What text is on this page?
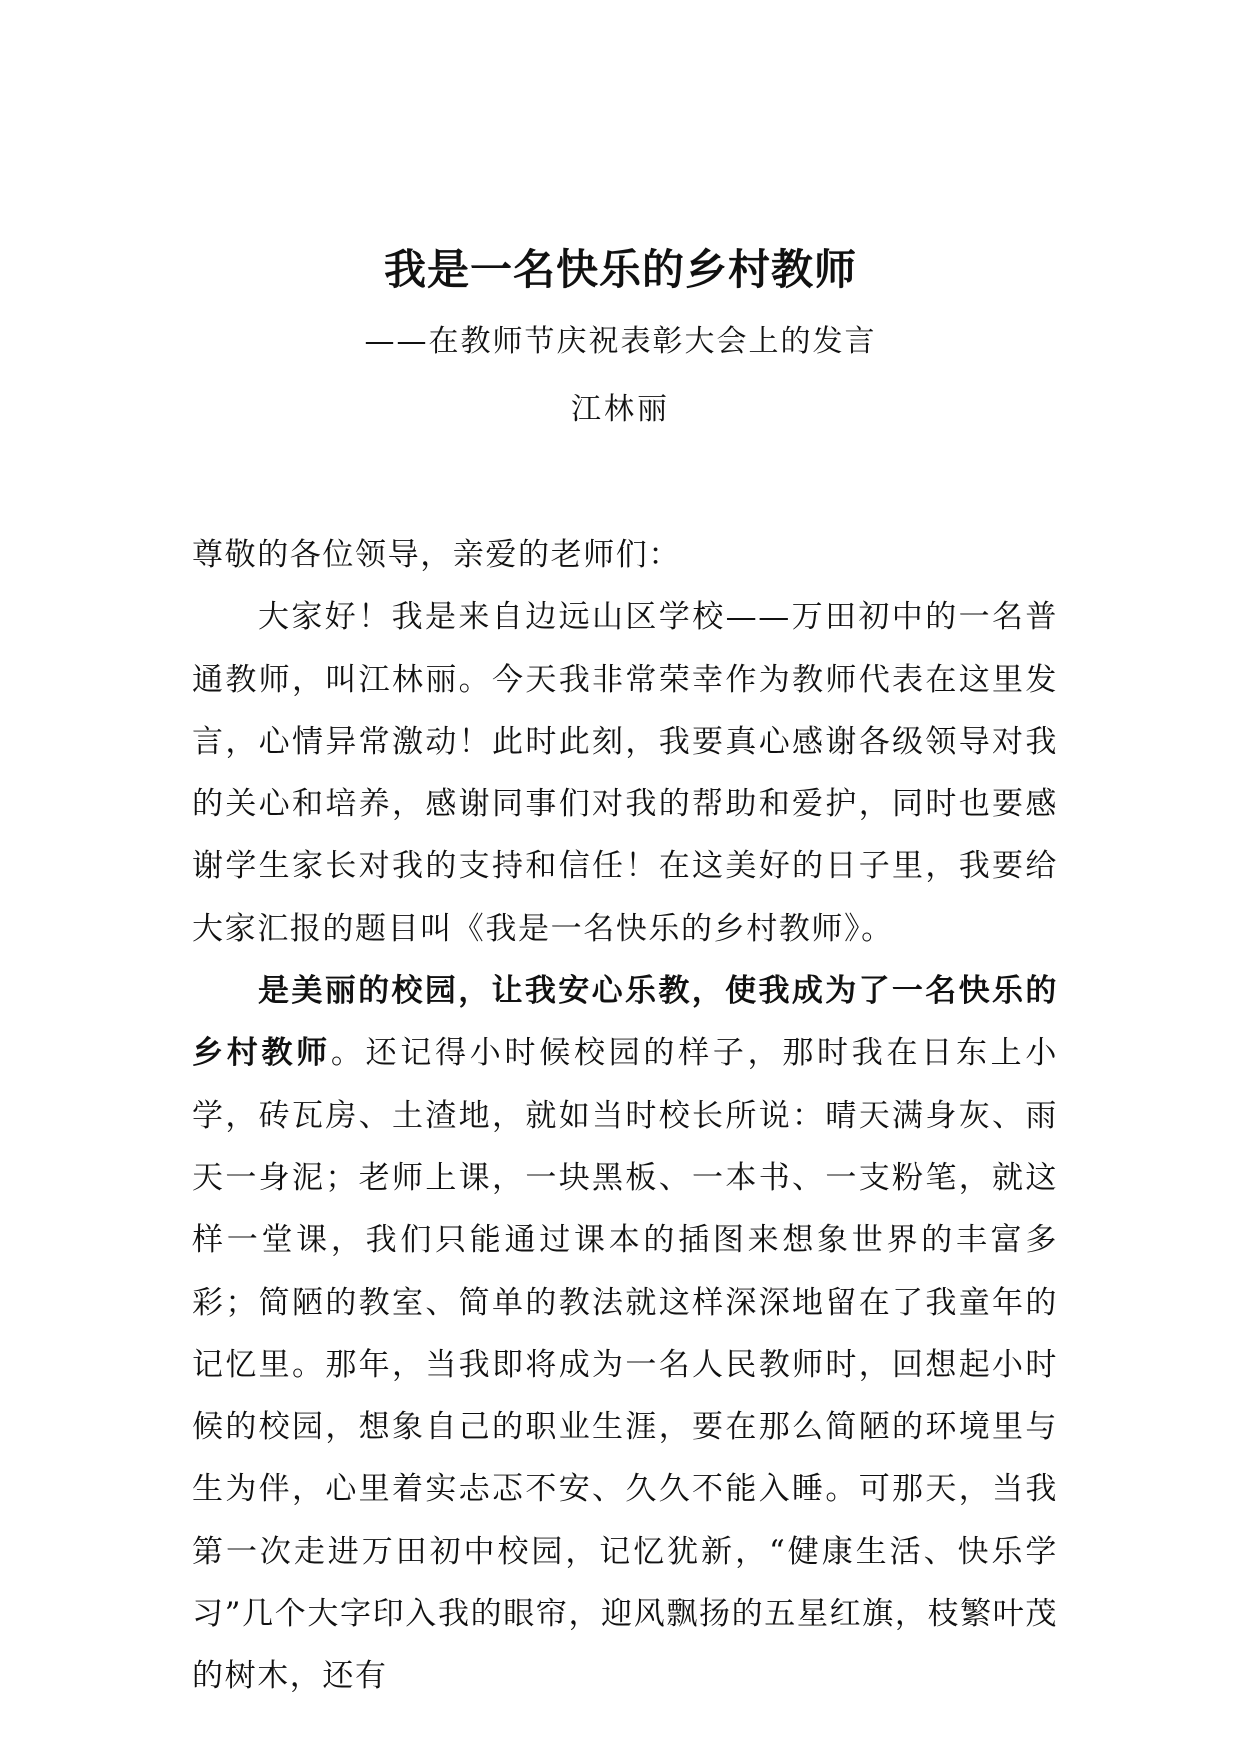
我是一名快乐的乡村教师
——在教师节庆祝表彰大会上的发言
江林丽

尊敬的各位领导，亲爱的老师们：

大家好！我是来自边远山区学校——万田初中的一名普通教师，叫江林丽。今天我非常荣幸作为教师代表在这里发言，心情异常激动！此时此刻，我要真心感谢各级领导对我的关心和培养，感谢同事们对我的帮助和爱护，同时也要感谢学生家长对我的支持和信任！在这美好的日子里，我要给大家汇报的题目叫《我是一名快乐的乡村教师》。

是美丽的校园，让我安心乐教，使我成为了一名快乐的乡村教师。还记得小时候校园的样子，那时我在日东上小学，砖瓦房、土渣地，就如当时校长所说：晴天满身灰、雨天一身泥；老师上课，一块黑板、一本书、一支粉笔，就这样一堂课，我们只能通过课本的插图来想象世界的丰富多彩；简陋的教室、简单的教法就这样深深地留在了我童年的记忆里。那年，当我即将成为一名人民教师时，回想起小时候的校园，想象自己的职业生涯，要在那么简陋的环境里与生为伴，心里着实忐忑不安、久久不能入睡。可那天，当我第一次走进万田初中校园，记忆犹新，“健康生活、快乐学习”几个大字印入我的眼帘，迎风飘扬的五星红旗，枝繁叶茂的树木，还有
